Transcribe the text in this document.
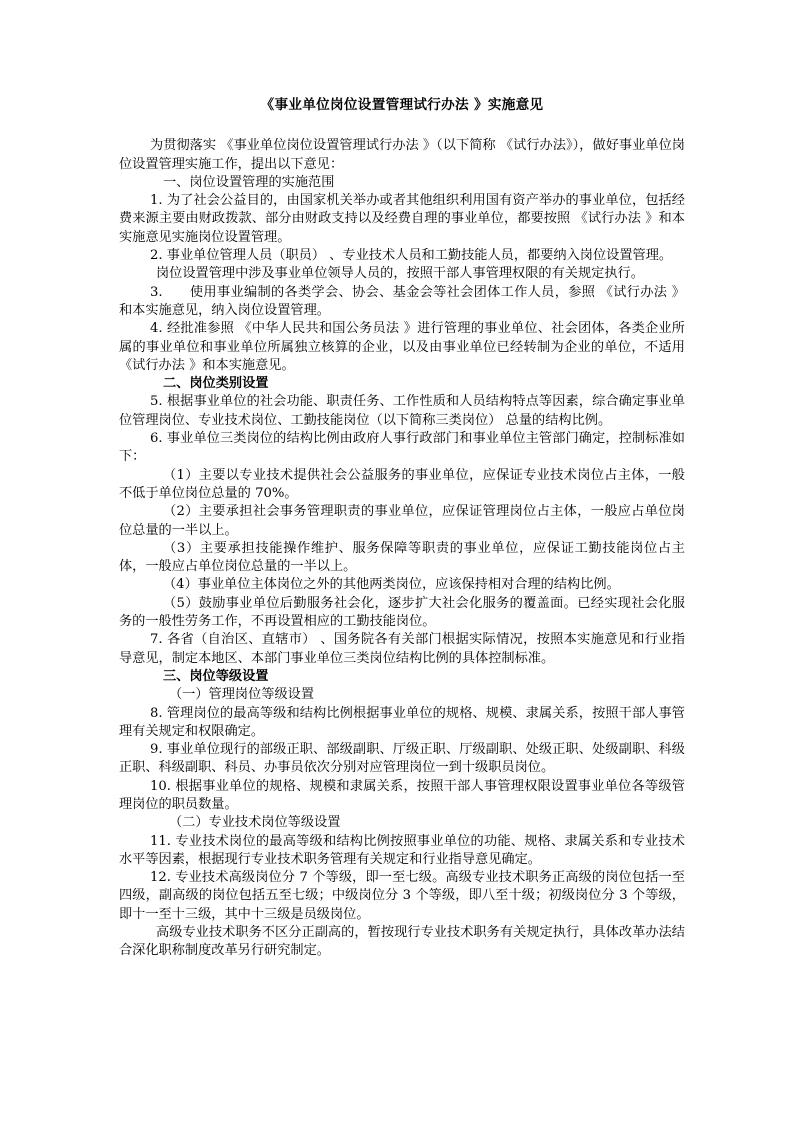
《事业单位岗位设置管理试行办法 》实施意见

为贯彻落实 《事业单位岗位设置管理试行办法 》（以下简称 《试行办法》），做好事业单位岗位设置管理实施工作，提出以下意见：

一、岗位设置管理的实施范围

1. 为了社会公益目的，由国家机关举办或者其他组织利用国有资产举办的事业单位，包括经费来源主要由财政拨款、部分由财政支持以及经费自理的事业单位，都要按照 《试行办法 》和本实施意见实施岗位设置管理。

2. 事业单位管理人员（职员） 、专业技术人员和工勤技能人员，都要纳入岗位设置管理。

岗位设置管理中涉及事业单位领导人员的，按照干部人事管理权限的有关规定执行。

3.　　使用事业编制的各类学会、协会、基金会等社会团体工作人员，参照 《试行办法 》和本实施意见，纳入岗位设置管理。

4. 经批准参照 《中华人民共和国公务员法 》进行管理的事业单位、社会团体，各类企业所属的事业单位和事业单位所属独立核算的企业，以及由事业单位已经转制为企业的单位，不适用 《试行办法 》和本实施意见。

二、岗位类别设置

5. 根据事业单位的社会功能、职责任务、工作性质和人员结构特点等因素，综合确定事业单位管理岗位、专业技术岗位、工勤技能岗位（以下简称三类岗位） 总量的结构比例。

6. 事业单位三类岗位的结构比例由政府人事行政部门和事业单位主管部门确定，控制标准如下：

（1）主要以专业技术提供社会公益服务的事业单位，应保证专业技术岗位占主体，一般不低于单位岗位总量的 70%。

（2）主要承担社会事务管理职责的事业单位，应保证管理岗位占主体，一般应占单位岗位总量的一半以上。

（3）主要承担技能操作维护、服务保障等职责的事业单位，应保证工勤技能岗位占主体，一般应占单位岗位总量的一半以上。

（4）事业单位主体岗位之外的其他两类岗位，应该保持相对合理的结构比例。

（5）鼓励事业单位后勤服务社会化，逐步扩大社会化服务的覆盖面。已经实现社会化服务的一般性劳务工作，不再设置相应的工勤技能岗位。

7. 各省（自治区、直辖市） 、国务院各有关部门根据实际情况，按照本实施意见和行业指导意见，制定本地区、本部门事业单位三类岗位结构比例的具体控制标准。

三、岗位等级设置

（一）管理岗位等级设置

8. 管理岗位的最高等级和结构比例根据事业单位的规格、规模、隶属关系，按照干部人事管理有关规定和权限确定。

9. 事业单位现行的部级正职、部级副职、厅级正职、厅级副职、处级正职、处级副职、科级正职、科级副职、科员、办事员依次分别对应管理岗位一到十级职员岗位。

10. 根据事业单位的规格、规模和隶属关系，按照干部人事管理权限设置事业单位各等级管理岗位的职员数量。

（二）专业技术岗位等级设置

11. 专业技术岗位的最高等级和结构比例按照事业单位的功能、规格、隶属关系和专业技术水平等因素，根据现行专业技术职务管理有关规定和行业指导意见确定。

12. 专业技术高级岗位分 7 个等级，即一至七级。高级专业技术职务正高级的岗位包括一至四级，副高级的岗位包括五至七级；中级岗位分 3 个等级，即八至十级；初级岗位分 3 个等级，即十一至十三级，其中十三级是员级岗位。

高级专业技术职务不区分正副高的，暂按现行专业技术职务有关规定执行，具体改革办法结合深化职称制度改革另行研究制定。
